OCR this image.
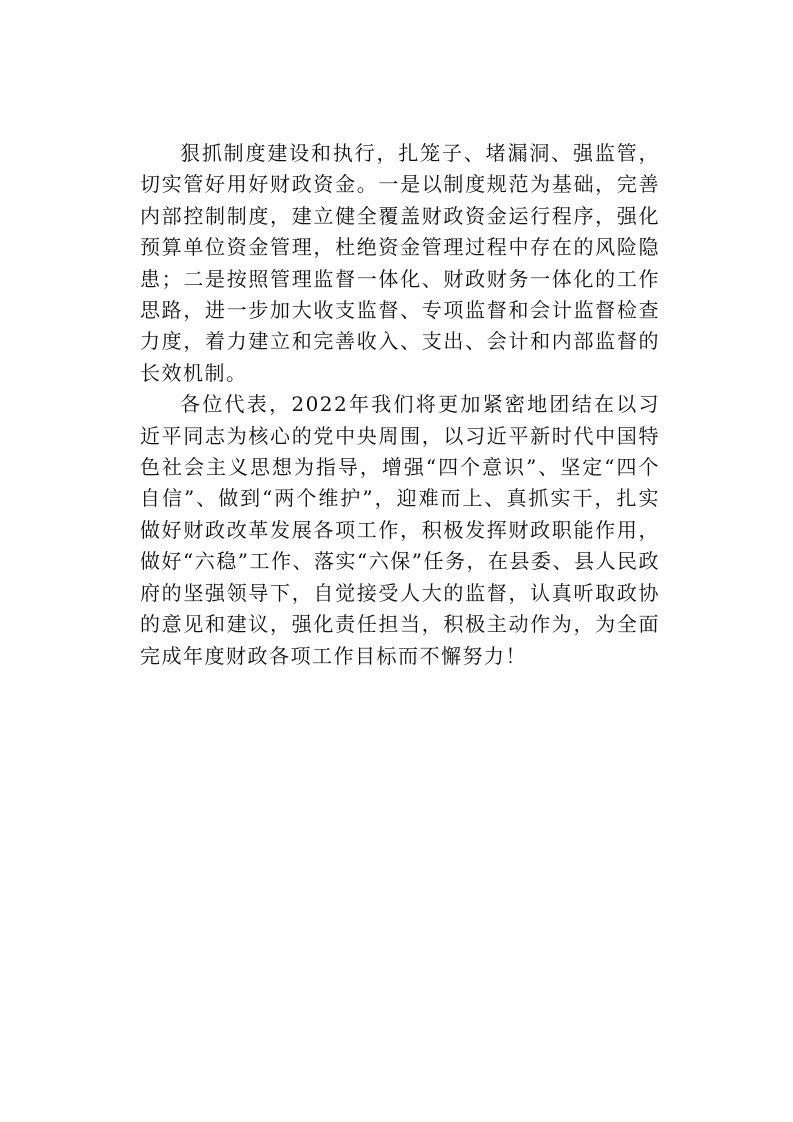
狠抓制度建设和执行，扎笼子、堵漏洞、强监管，切实管好用好财政资金。一是以制度规范为基础，完善内部控制制度，建立健全覆盖财政资金运行程序，强化预算单位资金管理，杜绝资金管理过程中存在的风险隐患；二是按照管理监督一体化、财政财务一体化的工作思路，进一步加大收支监督、专项监督和会计监督检查力度，着力建立和完善收入、支出、会计和内部监督的长效机制。

各位代表，2022年我们将更加紧密地团结在以习近平同志为核心的党中央周围，以习近平新时代中国特色社会主义思想为指导，增强“四个意识”、坚定“四个自信”、做到“两个维护”，迎难而上、真抓实干，扎实做好财政改革发展各项工作，积极发挥财政职能作用，做好“六稳”工作、落实“六保”任务，在县委、县人民政府的坚强领导下，自觉接受人大的监督，认真听取政协的意见和建议，强化责任担当，积极主动作为，为全面完成年度财政各项工作目标而不懈努力！
